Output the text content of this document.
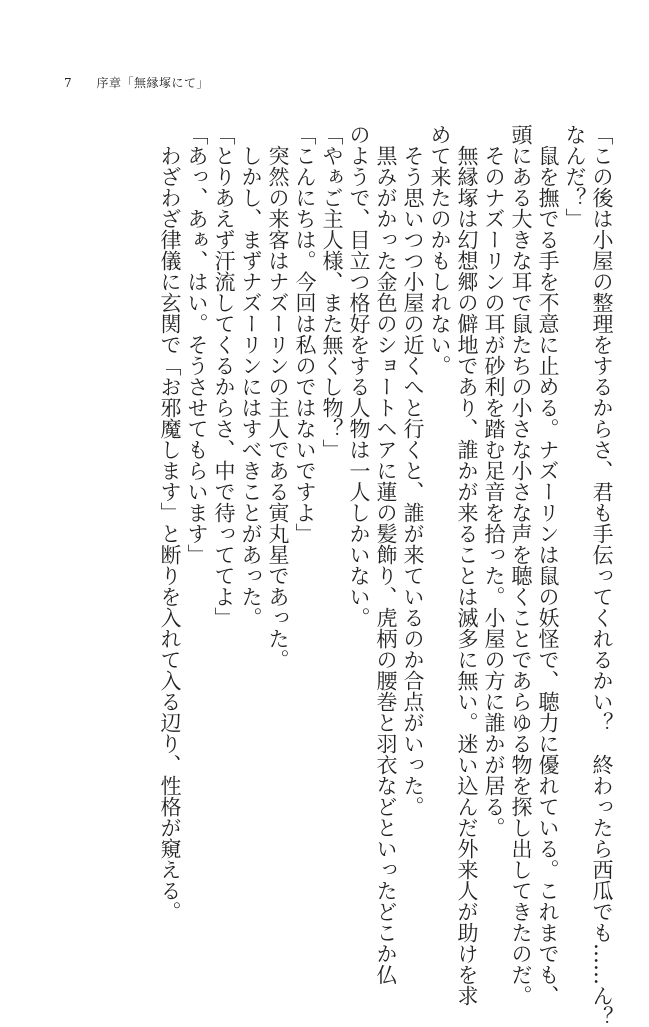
7 序章「無縁塚にて」

「この後は小屋の整理をするからさ、君も手伝ってくれるかい？　終わったら西瓜でも……ん？

なんだ？」

　鼠を撫でる手を不意に止める。ナズーリンは鼠の妖怪で、聴力に優れている。これまでも、

頭にある大きな耳で鼠たちの小さな小さな声を聴くことであらゆる物を探し出してきたのだ。

　そのナズーリンの耳が砂利を踏む足音を拾った。小屋の方に誰かが居る。

　無縁塚は幻想郷の僻地であり、誰かが来ることは滅多に無い。迷い込んだ外来人が助けを求

めて来たのかもしれない。

　そう思いつつ小屋の近くへと行くと、誰が来ているのか合点がいった。

　黒みがかった金色のショートヘアに蓮の髪飾り、虎柄の腰巻と羽衣などといったどこか仏

のようで、目立つ格好をする人物は一人しかいない。

「やぁご主人様、また無くし物？」

「こんにちは。今回は私のではないですよ」

　突然の来客はナズーリンの主人である寅丸星であった。

　しかし、まずナズーリンにはすべきことがあった。

「とりあえず汗流してくるからさ、中で待っててよ」

「あっ、あぁ、はい。そうさせてもらいます」

　わざわざ律儀に玄関で「お邪魔します」と断りを入れて入る辺り、性格が窺える。
